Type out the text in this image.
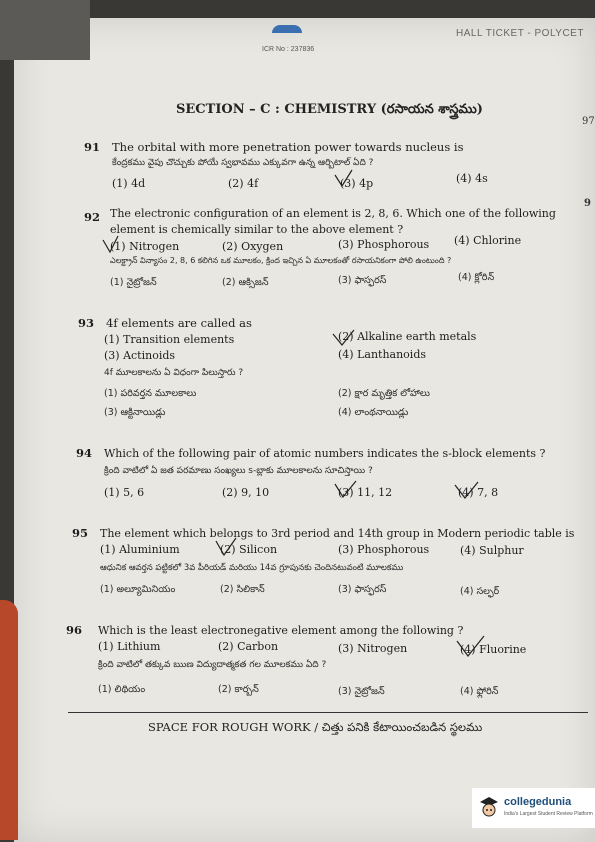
HALL TICKET - POLYCET
ICR No : 237836
SECTION – C : CHEMISTRY (రసాయన శాస్త్రము)
97
9
91 The orbital with more penetration power towards nucleus is
కేంద్రకము వైపు చొచ్చుకు పోయే స్వభావము ఎక్కువగా ఉన్న ఆర్బిటాల్ ఏది ?
(1) 4d	(2) 4f	(3) 4p	(4) 4s
92 The electronic configuration of an element is 2, 8, 6. Which one of the following
element is chemically similar to the above element ?
(1) Nitrogen	(2) Oxygen	(3) Phosphorous (4) Chlorine
ఎలక్ట్రాన్ విన్యాసం 2, 8, 6 కలిగిన ఒక మూలకం, క్రింద ఇచ్చిన ఏ మూలకంతో రసాయనికంగా పోలి ఉంటుంది ?
(1) నైట్రోజన్	(2) ఆక్సిజన్	(3) ఫాస్ఫరస్	(4) క్లోరిన్
93 4f elements are called as
(1) Transition elements	(2) Alkaline earth metals
(3) Actinoids	(4) Lanthanoids
4f మూలకాలను ఏ విధంగా పిలుస్తారు ?
(1) పరివర్తన మూలకాలు	(2) క్షార మృత్తిక లోహాలు
(3) ఆక్టినాయిడ్లు	(4) లాంథనాయిడ్లు
94 Which of the following pair of atomic numbers indicates the s-block elements ?
క్రింది వాటిలో ఏ జత పరమాణు సంఖ్యలు s-బ్లాకు మూలకాలను సూచిస్తాయి ?
(1) 5, 6	(2) 9, 10	(3) 11, 12	(4) 7, 8
95 The element which belongs to 3rd period and 14th group in Modern periodic table is
(1) Aluminium	(2) Silicon	(3) Phosphorous	(4) Sulphur
ఆధునిక ఆవర్తన పట్టికలో 3వ పీరియడ్ మరియు 14వ గ్రూపునకు చెందినటువంటి మూలకము
(1) అల్యూమినియం	(2) సిలికాన్	(3) ఫాస్ఫరస్	(4) సల్ఫర్
96 Which is the least electronegative element among the following ?
(1) Lithium	(2) Carbon	(3) Nitrogen	(4) Fluorine
క్రింది వాటిలో తక్కువ ఋణ విద్యుదాత్మకత గల మూలకము ఏది ?
(1) లిథియం	(2) కార్బన్	(3) నైట్రోజన్	(4) ఫ్లోరిన్
SPACE FOR ROUGH WORK / చిత్తు పనికి కేటాయించబడిన స్థలము
collegedunia
India's Largest Student Review Platform
